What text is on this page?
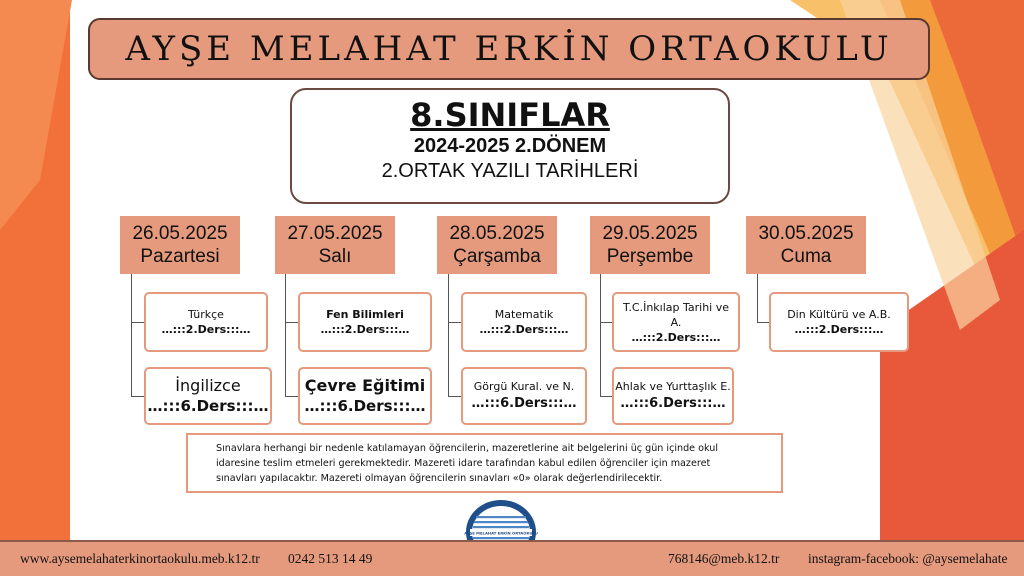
AYŞE MELAHAT ERKİN ORTAOKULU
8.SINIFLAR
2024-2025 2.DÖNEM
2.ORTAK YAZILI TARİHLERİ
26.05.2025
Pazartesi
27.05.2025
Salı
28.05.2025
Çarşamba
29.05.2025
Perşembe
30.05.2025
Cuma
Türkçe
…:::2.Ders:::…
İngilizce
…:::6.Ders:::…
Fen Bilimleri
…:::2.Ders:::…
Çevre Eğitimi
…:::6.Ders:::…
Matematik
…:::2.Ders:::…
Görgü Kural. ve N.
…:::6.Ders:::…
T.C.İnkılap Tarihi ve
A.
…:::2.Ders:::…
Ahlak ve Yurttaşlık E.
…:::6.Ders:::…
Din Kültürü ve A.B.
…:::2.Ders:::…
Sınavlara herhangi bir nedenle katılamayan öğrencilerin, mazeretlerine ait belgelerini üç gün içinde okul
idaresine teslim etmeleri gerekmektedir. Mazereti idare tarafından kabul edilen öğrenciler için mazeret
sınavları yapılacaktır. Mazereti olmayan öğrencilerin sınavları «0» olarak değerlendirilecektir.
AYŞE MELAHAT ERKİN ORTAOKULU
www.aysemelahaterkinortaokulu.meb.k12.tr 0242 513 14 49	768146@meb.k12.tr instagram-facebook: @aysemelahate
